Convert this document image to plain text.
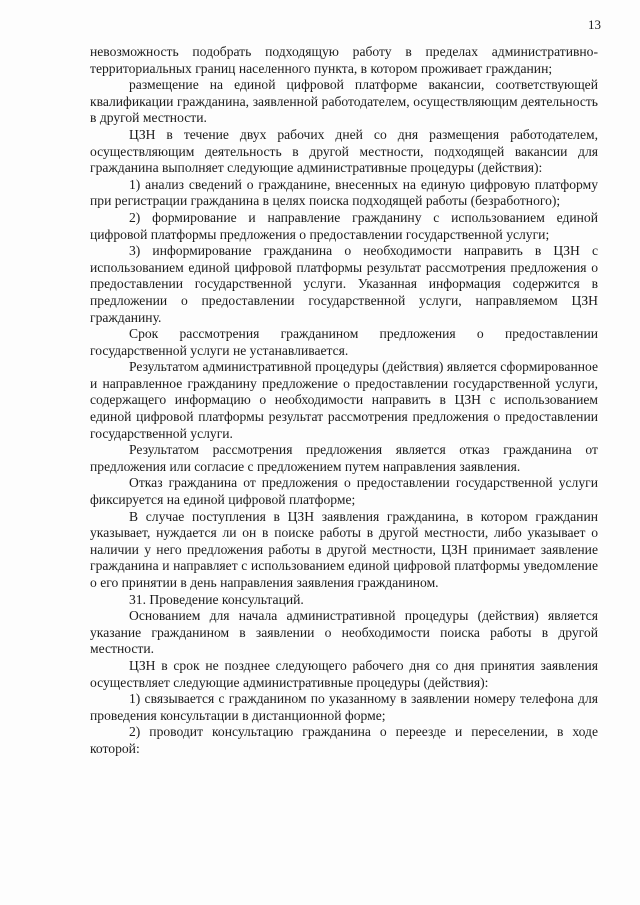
13

невозможность подобрать подходящую работу в пределах административно-территориальных границ населенного пункта, в котором проживает гражданин;

размещение на единой цифровой платформе вакансии, соответствующей квалификации гражданина, заявленной работодателем, осуществляющим деятельность в другой местности.

ЦЗН в течение двух рабочих дней со дня размещения работодателем, осуществляющим деятельность в другой местности, подходящей вакансии для гражданина выполняет следующие административные процедуры (действия):

1) анализ сведений о гражданине, внесенных на единую цифровую платформу при регистрации гражданина в целях поиска подходящей работы (безработного);

2) формирование и направление гражданину с использованием единой цифровой платформы предложения о предоставлении государственной услуги;

3) информирование гражданина о необходимости направить в ЦЗН с использованием единой цифровой платформы результат рассмотрения предложения о предоставлении государственной услуги. Указанная информация содержится в предложении о предоставлении государственной услуги, направляемом ЦЗН гражданину.

Срок рассмотрения гражданином предложения о предоставлении государственной услуги не устанавливается.

Результатом административной процедуры (действия) является сформированное и направленное гражданину предложение о предоставлении государственной услуги, содержащего информацию о необходимости направить в ЦЗН с использованием единой цифровой платформы результат рассмотрения предложения о предоставлении государственной услуги.

Результатом рассмотрения предложения является отказ гражданина от предложения или согласие с предложением путем направления заявления.

Отказ гражданина от предложения о предоставлении государственной услуги фиксируется на единой цифровой платформе;

В случае поступления в ЦЗН заявления гражданина, в котором гражданин указывает, нуждается ли он в поиске работы в другой местности, либо указывает о наличии у него предложения работы в другой местности, ЦЗН принимает заявление гражданина и направляет с использованием единой цифровой платформы уведомление о его принятии в день направления заявления гражданином.

31. Проведение консультаций.

Основанием для начала административной процедуры (действия) является указание гражданином в заявлении о необходимости поиска работы в другой местности.

ЦЗН в срок не позднее следующего рабочего дня со дня принятия заявления осуществляет следующие административные процедуры (действия):

1) связывается с гражданином по указанному в заявлении номеру телефона для проведения консультации в дистанционной форме;

2) проводит консультацию гражданина о переезде и переселении, в ходе которой:
